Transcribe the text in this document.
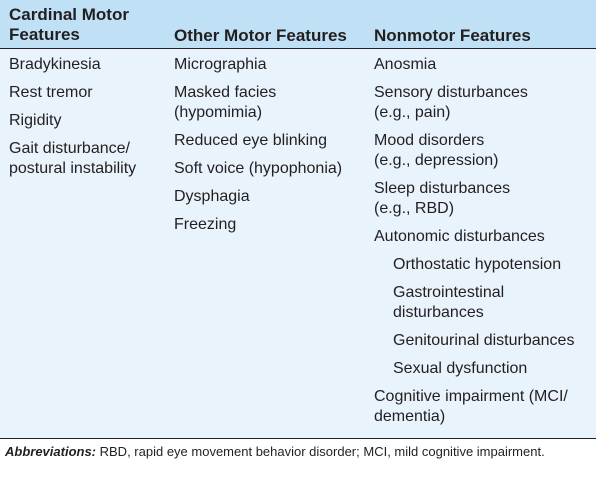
Cardinal Motor
Features	Other Motor Features Nonmotor Features

Bradykinesia

Rest tremor

Rigidity

Gait disturbance/
postural instability

Micrographia

Masked facies
(hypomimia)

Reduced eye blinking

Soft voice (hypophonia)

Dysphagia

Freezing

Anosmia

Sensory disturbances
(e.g., pain)

Mood disorders
(e.g., depression)

Sleep disturbances
(e.g., RBD)

Autonomic disturbances

Orthostatic hypotension

Gastrointestinal
disturbances

Genitourinal disturbances

Sexual dysfunction

Cognitive impairment (MCI/
dementia)

Abbreviations: RBD, rapid eye movement behavior disorder; MCI, mild cognitive impairment.
